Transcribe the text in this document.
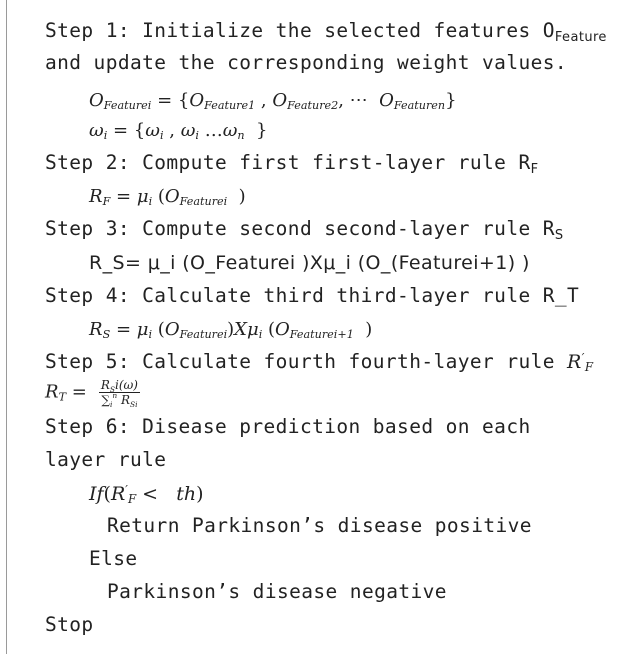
Step 1: Initialize the selected features $O_{Feature}$
and update the corresponding weight values.
$O_{Featurei} = \{O_{Feature1}$ , $O_{Feature2}$, ⋯  $O_{Featuren}$}
$\omega_i = \{\omega_i$ , $\omega_i$ $\dots\omega_n$  }
Step 2: Compute first first-layer rule $R_F$
$R_F = \mu_i$ ($O_{Featurei}$  )
Step 3: Compute second second-layer rule $R_S$
R_S= μ_i (O_Featurei )Xμ_i (O_(Featurei+1) )
Step 4: Calculate third third-layer rule R_T
$R_S = \mu_i$ $(O_{Featurei})X\mu_i$ ($O_{Featurei+1}$  )
Step 5: Calculate fourth fourth-layer rule $R'_F$
$R_T = \frac{R_Si(\omega)}{\sum_i^n R_{Si}}$
Step 6: Disease prediction based on each
layer rule
$If(R'_F < th)$
Return Parkinson’s disease positive
Else
Parkinson’s disease negative
Stop
